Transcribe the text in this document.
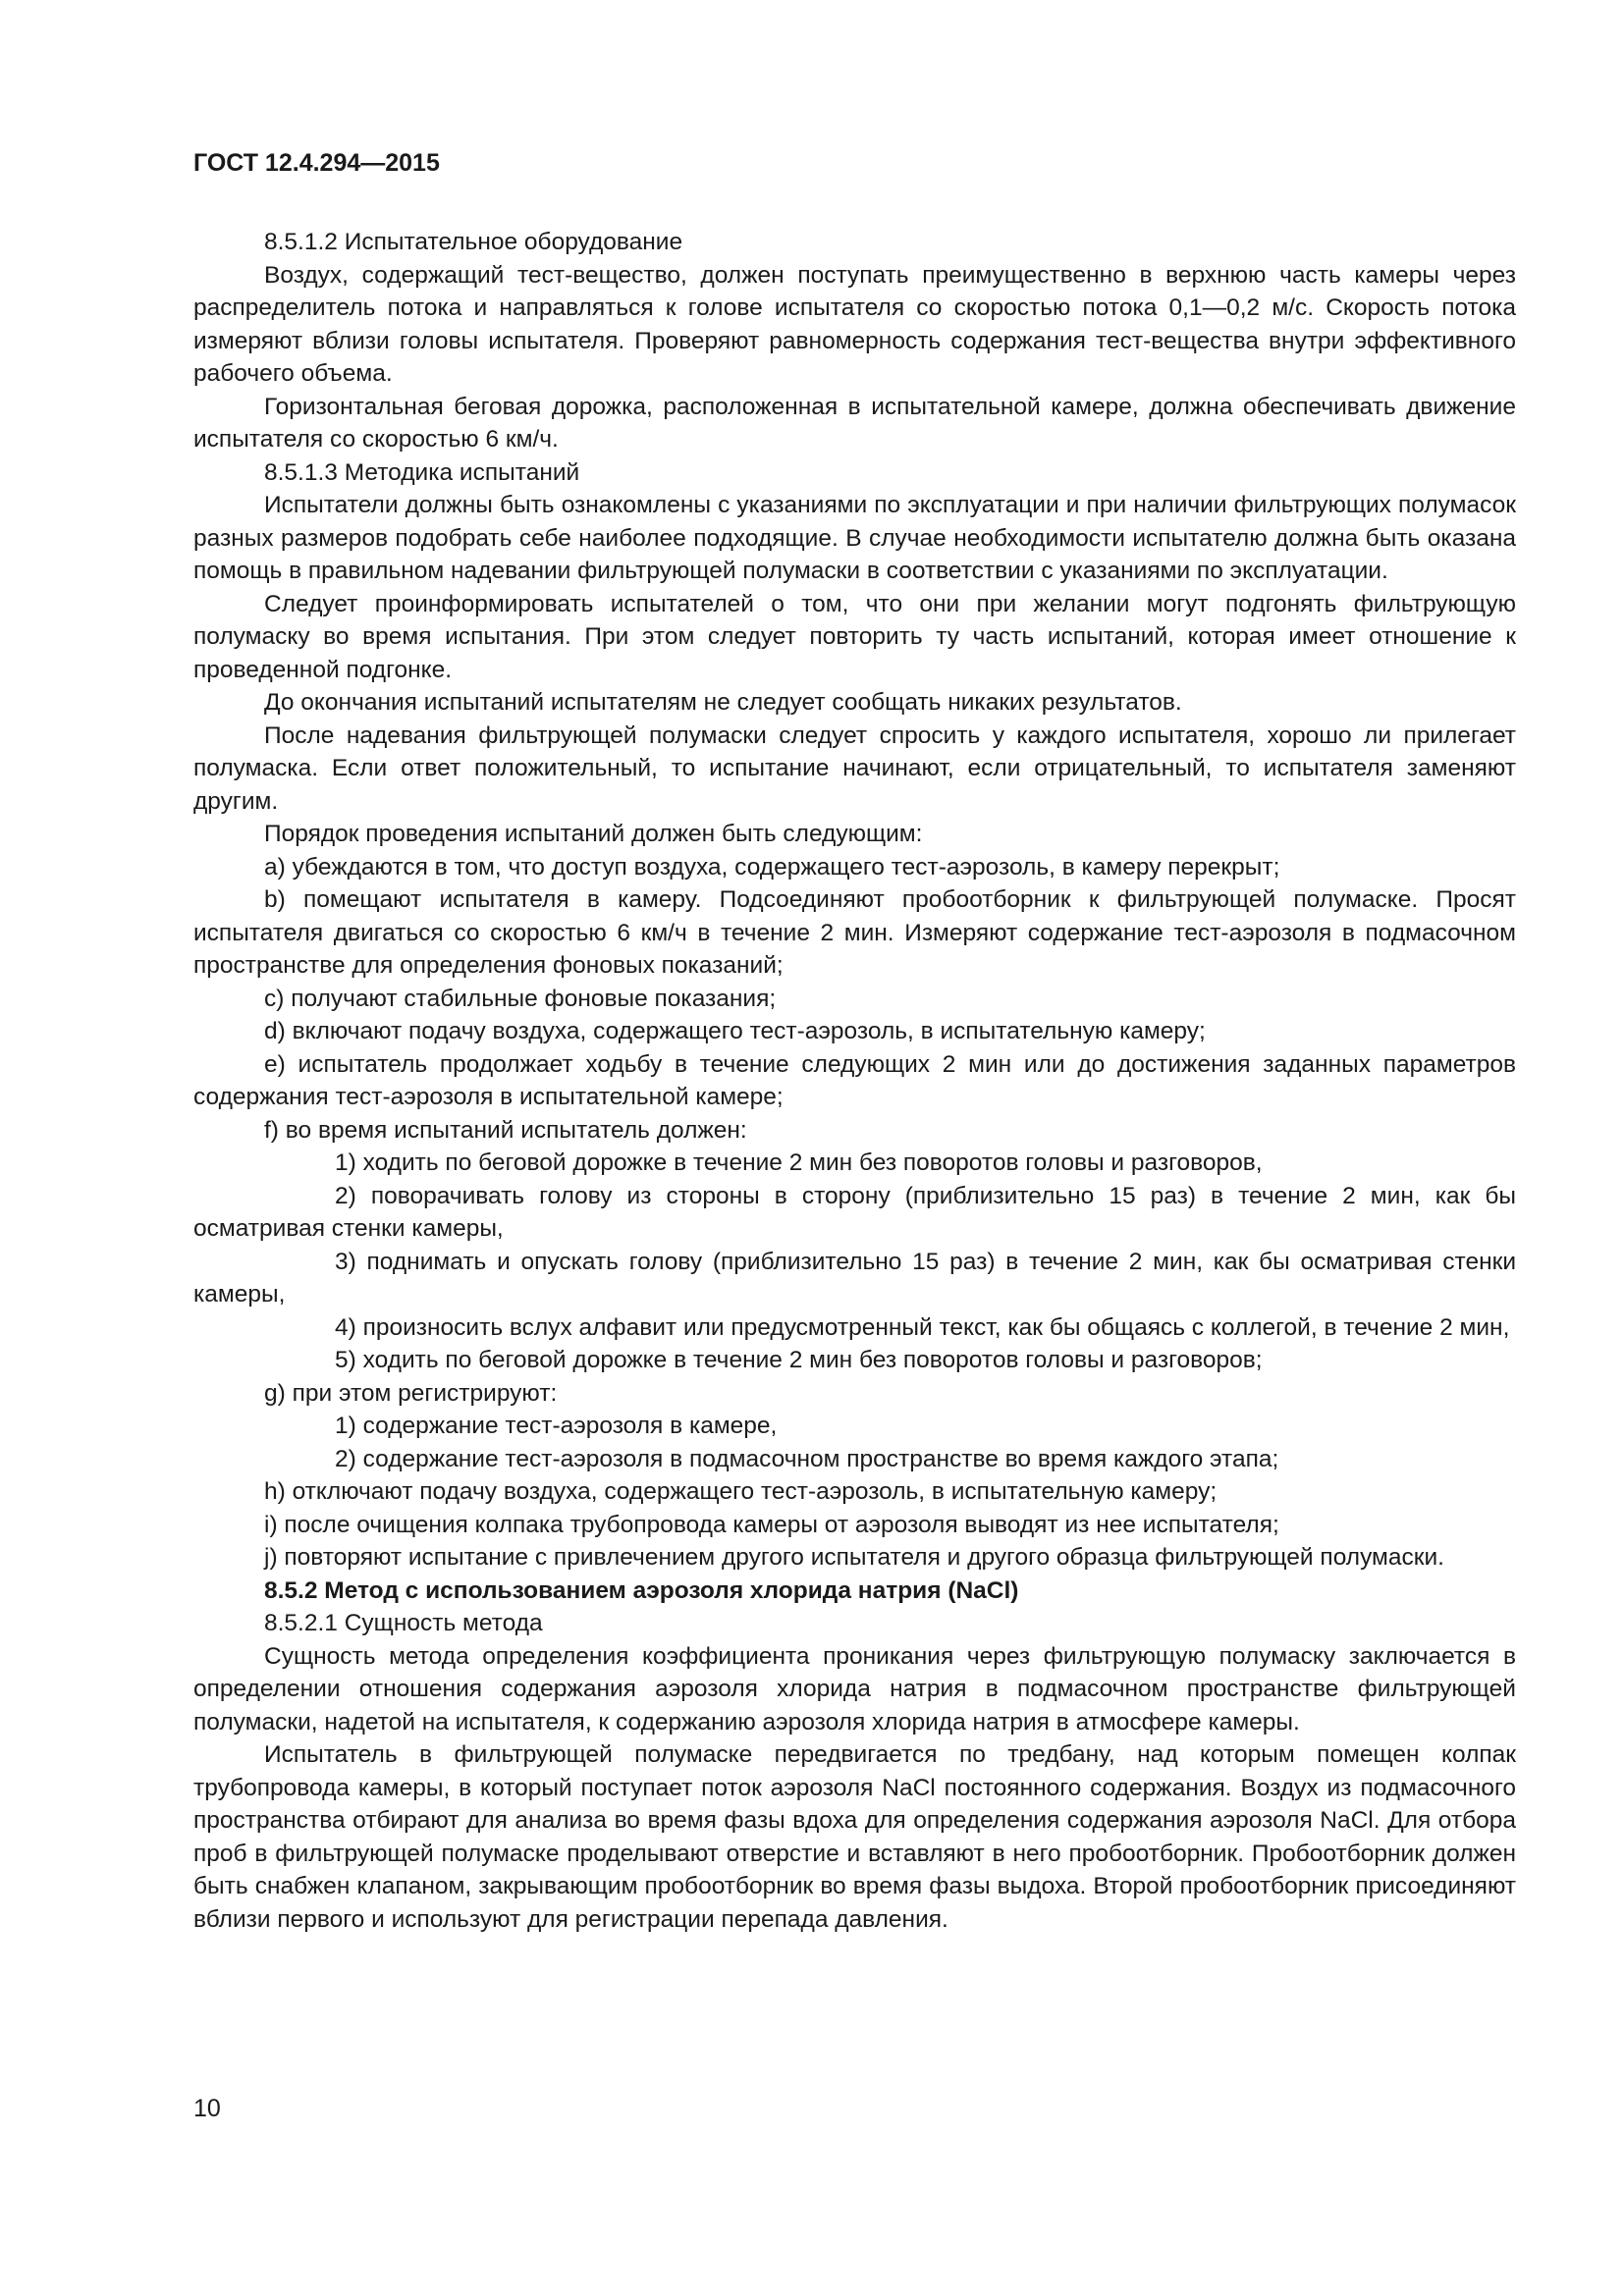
ГОСТ 12.4.294—2015

8.5.1.2 Испытательное оборудование

Воздух, содержащий тест-вещество, должен поступать преимущественно в верхнюю часть камеры через распределитель потока и направляться к голове испытателя со скоростью потока 0,1—0,2 м/с. Скорость потока измеряют вблизи головы испытателя. Проверяют равномерность содержания тест-вещества внутри эффективного рабочего объема.

Горизонтальная беговая дорожка, расположенная в испытательной камере, должна обеспечивать движение испытателя со скоростью 6 км/ч.

8.5.1.3 Методика испытаний

Испытатели должны быть ознакомлены с указаниями по эксплуатации и при наличии фильтрующих полумасок разных размеров подобрать себе наиболее подходящие. В случае необходимости испытателю должна быть оказана помощь в правильном надевании фильтрующей полумаски в соответствии с указаниями по эксплуатации.

Следует проинформировать испытателей о том, что они при желании могут подгонять фильтрующую полумаску во время испытания. При этом следует повторить ту часть испытаний, которая имеет отношение к проведенной подгонке.

До окончания испытаний испытателям не следует сообщать никаких результатов.

После надевания фильтрующей полумаски следует спросить у каждого испытателя, хорошо ли прилегает полумаска. Если ответ положительный, то испытание начинают, если отрицательный, то испытателя заменяют другим.

Порядок проведения испытаний должен быть следующим:

a) убеждаются в том, что доступ воздуха, содержащего тест-аэрозоль, в камеру перекрыт;

b) помещают испытателя в камеру. Подсоединяют пробоотборник к фильтрующей полумаске. Просят испытателя двигаться со скоростью 6 км/ч в течение 2 мин. Измеряют содержание тест-аэрозоля в подмасочном пространстве для определения фоновых показаний;

c) получают стабильные фоновые показания;

d) включают подачу воздуха, содержащего тест-аэрозоль, в испытательную камеру;

e) испытатель продолжает ходьбу в течение следующих 2 мин или до достижения заданных параметров содержания тест-аэрозоля в испытательной камере;

f) во время испытаний испытатель должен:

1) ходить по беговой дорожке в течение 2 мин без поворотов головы и разговоров,

2) поворачивать голову из стороны в сторону (приблизительно 15 раз) в течение 2 мин, как бы осматривая стенки камеры,

3) поднимать и опускать голову (приблизительно 15 раз) в течение 2 мин, как бы осматривая стенки камеры,

4) произносить вслух алфавит или предусмотренный текст, как бы общаясь с коллегой, в течение 2 мин,

5) ходить по беговой дорожке в течение 2 мин без поворотов головы и разговоров;

g) при этом регистрируют:

1) содержание тест-аэрозоля в камере,

2) содержание тест-аэрозоля в подмасочном пространстве во время каждого этапа;

h) отключают подачу воздуха, содержащего тест-аэрозоль, в испытательную камеру;

i) после очищения колпака трубопровода камеры от аэрозоля выводят из нее испытателя;

j) повторяют испытание с привлечением другого испытателя и другого образца фильтрующей полумаски.

8.5.2 Метод с использованием аэрозоля хлорида натрия (NaCl)

8.5.2.1 Сущность метода

Сущность метода определения коэффициента проникания через фильтрующую полумаску заключается в определении отношения содержания аэрозоля хлорида натрия в подмасочном пространстве фильтрующей полумаски, надетой на испытателя, к содержанию аэрозоля хлорида натрия в атмосфере камеры.

Испытатель в фильтрующей полумаске передвигается по тредбану, над которым помещен колпак трубопровода камеры, в который поступает поток аэрозоля NaCl постоянного содержания. Воздух из подмасочного пространства отбирают для анализа во время фазы вдоха для определения содержания аэрозоля NaCl. Для отбора проб в фильтрующей полумаске проделывают отверстие и вставляют в него пробоотборник. Пробоотборник должен быть снабжен клапаном, закрывающим пробоотборник во время фазы выдоха. Второй пробоотборник присоединяют вблизи первого и используют для регистрации перепада давления.

10
